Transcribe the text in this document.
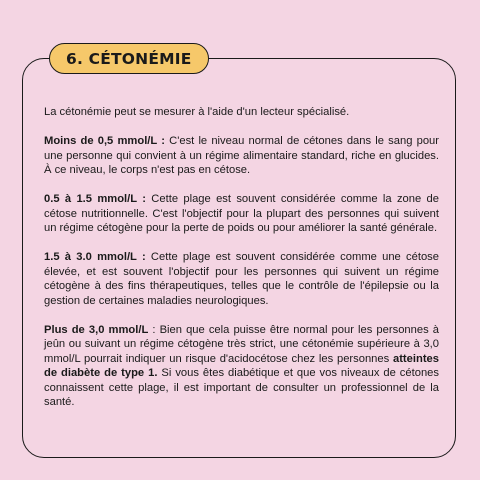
6. CÉTONÉMIE

La cétonémie peut se mesurer à l'aide d'un lecteur spécialisé.

Moins de 0,5 mmol/L : C'est le niveau normal de cétones dans le sang pour une personne qui convient à un régime alimentaire standard, riche en glucides. À ce niveau, le corps n'est pas en cétose.

0.5 à 1.5 mmol/L : Cette plage est souvent considérée comme la zone de cétose nutritionnelle. C'est l'objectif pour la plupart des personnes qui suivent un régime cétogène pour la perte de poids ou pour améliorer la santé générale.

1.5 à 3.0 mmol/L : Cette plage est souvent considérée comme une cétose élevée, et est souvent l'objectif pour les personnes qui suivent un régime cétogène à des fins thérapeutiques, telles que le contrôle de l'épilepsie ou la gestion de certaines maladies neurologiques.

Plus de 3,0 mmol/L : Bien que cela puisse être normal pour les personnes à jeûn ou suivant un régime cétogène très strict, une cétonémie supérieure à 3,0 mmol/L pourrait indiquer un risque d'acidocétose chez les personnes atteintes de diabète de type 1. Si vous êtes diabétique et que vos niveaux de cétones connaissent cette plage, il est important de consulter un professionnel de la santé.
